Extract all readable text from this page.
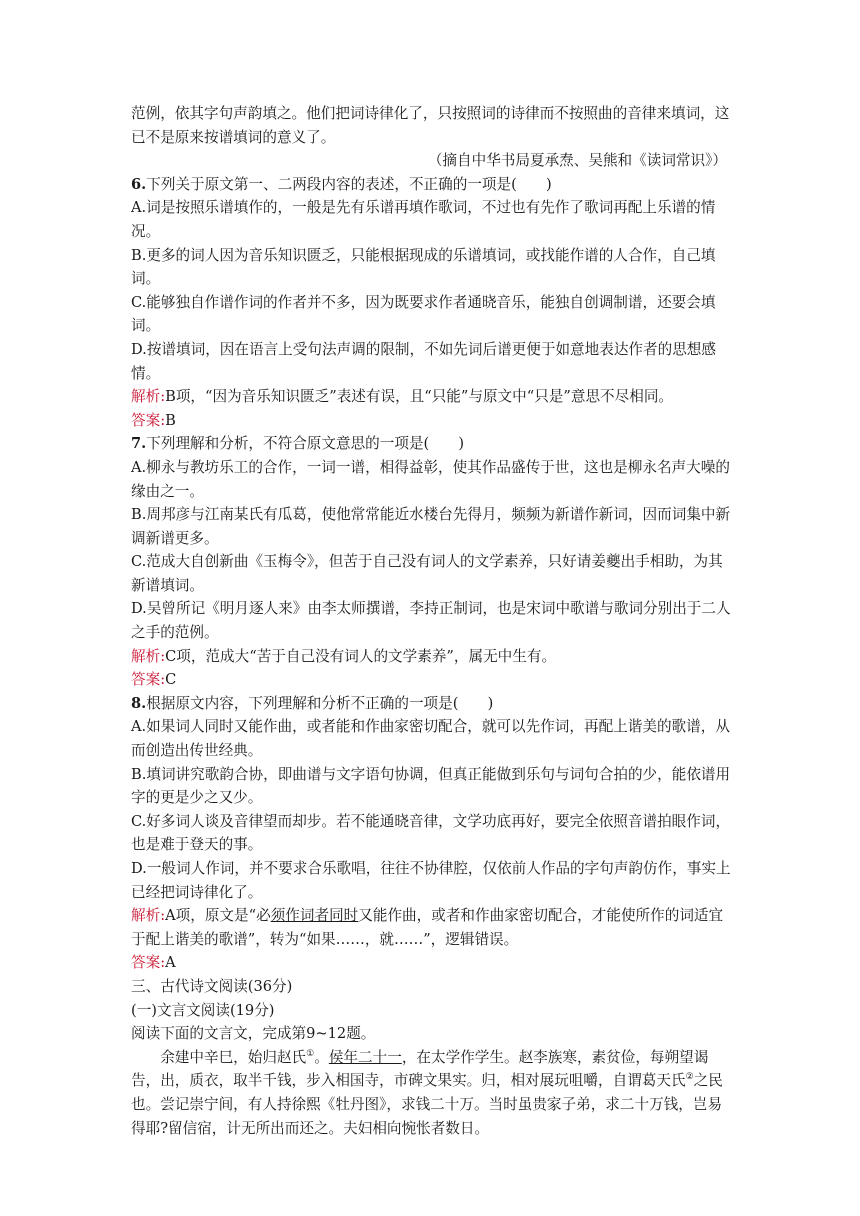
范例，依其字句声韵填之。他们把词诗律化了，只按照词的诗律而不按照曲的音律来填词，这已不是原来按谱填词的意义了。

（摘自中华书局夏承焘、吴熊和《读词常识》）

6.下列关于原文第一、二两段内容的表述，不正确的一项是(　　)

A.词是按照乐谱填作的，一般是先有乐谱再填作歌词，不过也有先作了歌词再配上乐谱的情况。

B.更多的词人因为音乐知识匮乏，只能根据现成的乐谱填词，或找能作谱的人合作，自己填词。

C.能够独自作谱作词的作者并不多，因为既要求作者通晓音乐，能独自创调制谱，还要会填词。

D.按谱填词，因在语言上受句法声调的限制，不如先词后谱更便于如意地表达作者的思想感情。

解析:B项，“因为音乐知识匮乏”表述有误，且“只能”与原文中“只是”意思不尽相同。

答案:B

7.下列理解和分析，不符合原文意思的一项是(　　)

A.柳永与教坊乐工的合作，一词一谱，相得益彰，使其作品盛传于世，这也是柳永名声大噪的缘由之一。

B.周邦彦与江南某氏有瓜葛，使他常常能近水楼台先得月，频频为新谱作新词，因而词集中新调新谱更多。

C.范成大自创新曲《玉梅令》，但苦于自己没有词人的文学素养，只好请姜夔出手相助，为其新谱填词。

D.吴曾所记《明月逐人来》由李太师撰谱，李持正制词，也是宋词中歌谱与歌词分别出于二人之手的范例。

解析:C项，范成大“苦于自己没有词人的文学素养”，属无中生有。

答案:C

8.根据原文内容，下列理解和分析不正确的一项是(　　)

A.如果词人同时又能作曲，或者能和作曲家密切配合，就可以先作词，再配上谐美的歌谱，从而创造出传世经典。

B.填词讲究歌韵合协，即曲谱与文字语句协调，但真正能做到乐句与词句合拍的少，能依谱用字的更是少之又少。

C.好多词人谈及音律望而却步。若不能通晓音律，文学功底再好，要完全依照音谱拍眼作词，也是难于登天的事。

D.一般词人作词，并不要求合乐歌唱，往往不协律腔，仅依前人作品的字句声韵仿作，事实上已经把词诗律化了。

解析:A项，原文是“必须作词者同时又能作曲，或者和作曲家密切配合，才能使所作的词适宜于配上谐美的歌谱”，转为“如果……，就……”，逻辑错误。

答案:A

三、古代诗文阅读(36分)

(一)文言文阅读(19分)

阅读下面的文言文，完成第9~12题。

余建中辛巳，始归赵氏①。侯年二十一，在太学作学生。赵李族寒，素贫俭，每朔望谒告，出，质衣，取半千钱，步入相国寺，市碑文果实。归，相对展玩咀嚼，自谓葛天氏②之民也。尝记崇宁间，有人持徐熙《牡丹图》，求钱二十万。当时虽贵家子弟，求二十万钱，岂易得耶?留信宿，计无所出而还之。夫妇相向惋怅者数日。
